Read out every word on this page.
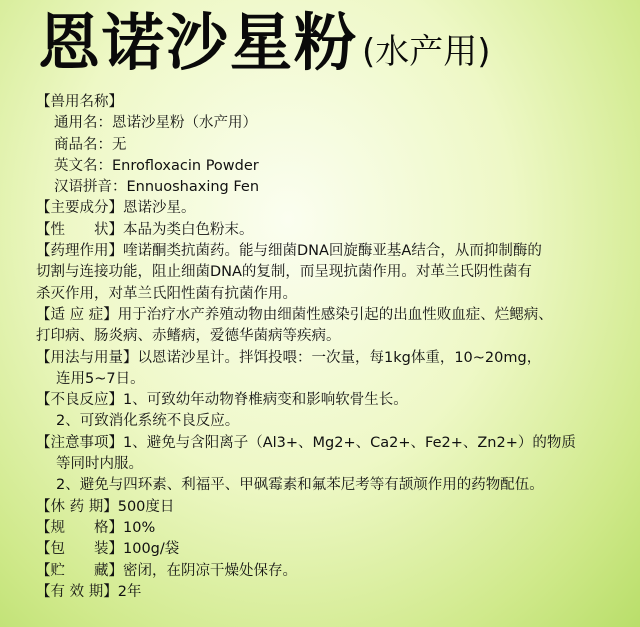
恩诺沙星粉 (水产用)
【兽用名称】
通用名：恩诺沙星粉（水产用）
商品名：无
英文名：Enrofloxacin Powder
汉语拼音：Ennuoshaxing Fen
【主要成分】恩诺沙星。
【性　　状】本品为类白色粉末。
【药理作用】喹诺酮类抗菌药。能与细菌DNA回旋酶亚基A结合，从而抑制酶的
切割与连接功能，阻止细菌DNA的复制，而呈现抗菌作用。对革兰氏阴性菌有
杀灭作用，对革兰氏阳性菌有抗菌作用。
【适 应 症】用于治疗水产养殖动物由细菌性感染引起的出血性败血症、烂鳃病、
打印病、肠炎病、赤鳍病，爱德华菌病等疾病。
【用法与用量】以恩诺沙星计。拌饵投喂：一次量，每1kg体重，10~20mg，
连用5~7日。
【不良反应】1、可致幼年动物脊椎病变和影响软骨生长。
2、可致消化系统不良反应。
【注意事项】1、避免与含阳离子（Al3+、Mg2+、Ca2+、Fe2+、Zn2+）的物质
等同时内服。
2、避免与四环素、利福平、甲砜霉素和氟苯尼考等有颉颃作用的药物配伍。
【休 药 期】500度日
【规　　格】10%
【包　　装】100g/袋
【贮　　藏】密闭，在阴凉干燥处保存。
【有 效 期】2年
